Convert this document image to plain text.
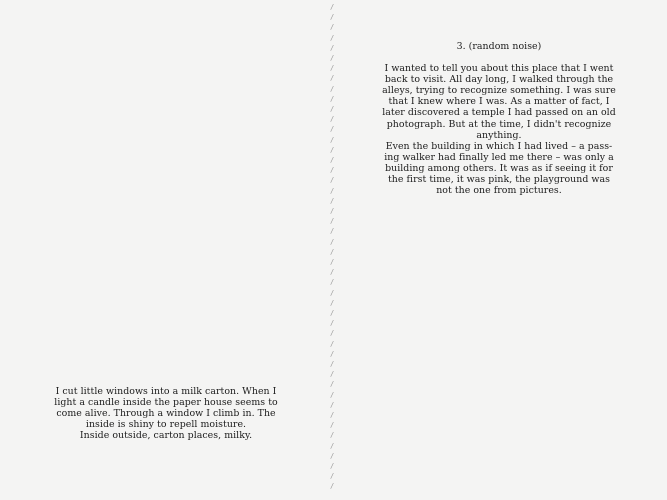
I cut little windows into a milk carton. When I

light a candle inside the paper house seems to

come alive. Through a window I climb in. The

inside is shiny to repell moisture.

Inside outside, carton places, milky.

/
/
/
/
/
/
/
/
/
/
/
/
/
/
/
/
/
/
/
/
/
/
/
/
/
/
/
/
/
/
/
/
/
/
/
/
/
/
/
/
/
/
/
/
/
/
/
/

3. (random noise)

I wanted to tell you about this place that I went

back to visit. All day long, I walked through the

alleys, trying to recognize something. I was sure

that I knew where I was. As a matter of fact, I

later discovered a temple I had passed on an old

photograph. But at the time, I didn't recognize

anything.

Even the building in which I had lived – a pass-

ing walker had finally led me there – was only a

building among others. It was as if seeing it for

the first time, it was pink, the playground was

not the one from pictures.
